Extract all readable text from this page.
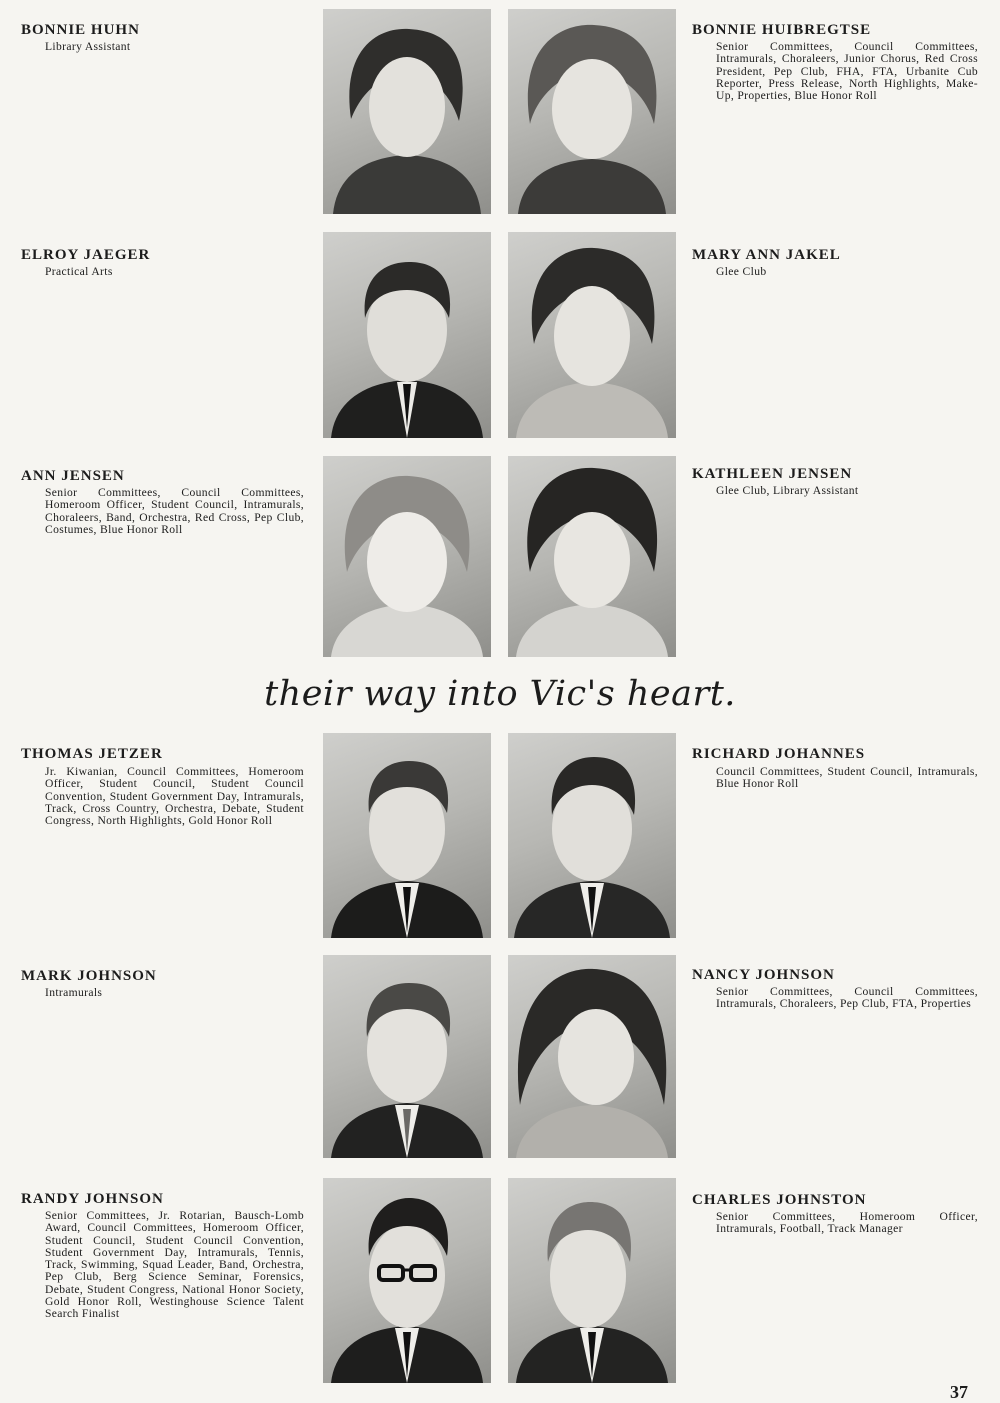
BONNIE HUHN

Library Assistant

BONNIE HUIBREGTSE

Senior Committees, Council Committees, Intramurals, Choraleers, Junior Chorus, Red Cross President, Pep Club, FHA, FTA, Urbanite Cub Reporter, Press Release, North Highlights, Make-Up, Properties, Blue Honor Roll

ELROY JAEGER

Practical Arts

MARY ANN JAKEL

Glee Club

ANN JENSEN

Senior Committees, Council Committees, Homeroom Officer, Student Council, Intramurals, Choraleers, Band, Orchestra, Red Cross, Pep Club, Costumes, Blue Honor Roll

KATHLEEN JENSEN

Glee Club, Library Assistant

their way into Vic's heart.

THOMAS JETZER

Jr. Kiwanian, Council Committees, Homeroom Officer, Student Council, Student Council Convention, Student Government Day, Intramurals, Track, Cross Country, Orchestra, Debate, Student Congress, North Highlights, Gold Honor Roll

RICHARD JOHANNES

Council Committees, Student Council, Intramurals, Blue Honor Roll

MARK JOHNSON

Intramurals

NANCY JOHNSON

Senior Committees, Council Committees, Intramurals, Choraleers, Pep Club, FTA, Properties

RANDY JOHNSON

Senior Committees, Jr. Rotarian, Bausch-Lomb Award, Council Committees, Homeroom Officer, Student Council, Student Council Convention, Student Government Day, Intramurals, Tennis, Track, Swimming, Squad Leader, Band, Orchestra, Pep Club, Berg Science Seminar, Forensics, Debate, Student Congress, National Honor Society, Gold Honor Roll, Westinghouse Science Talent Search Finalist

CHARLES JOHNSTON

Senior Committees, Homeroom Officer, Intramurals, Football, Track Manager

37
